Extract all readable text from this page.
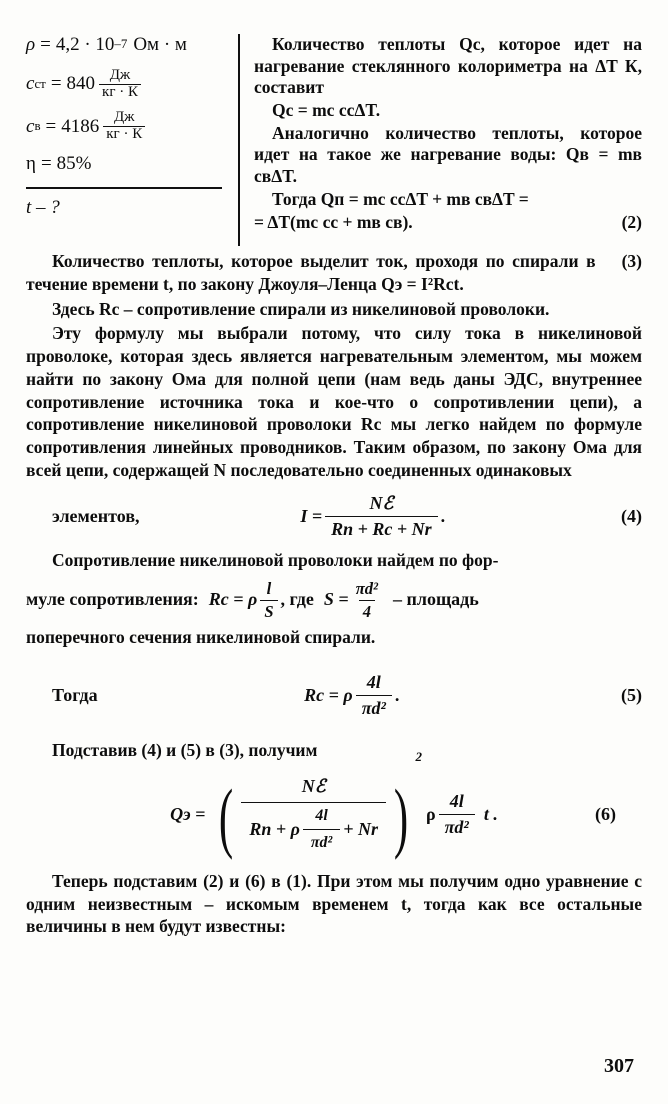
ρ = 4,2 · 10 –7 Ом · м
c ст = $840 \frac{Дж}{кг \cdot К}$
c $в = 4186 \frac{Дж}{кг \cdot К}$
η = 85%
t – ?

Количество теплоты Qс, которое идет на нагревание стеклянного колориметра на ΔT К, составит

Qс = mс cсΔT.

Аналогично количество теплоты, которое идет на такое же нагревание воды: Qв = mв cвΔT.

Тогда Qп = mс cсΔT + mв cвΔT =

= ΔT(mс cс + mв cв).	(2)

(3)
Количество теплоты, которое выделит ток, проходя по спирали в течение времени t, по закону Джоуля–Ленца Qэ = I²Rсt.

Здесь Rс – сопротивление спирали из никелиновой проволоки.

Эту формулу мы выбрали потому, что силу тока в никелиновой проволоке, которая здесь является нагревательным элементом, мы можем найти по закону Ома для полной цепи (нам ведь даны ЭДС, внутреннее сопротивление источника тока и кое-что о сопротивлении цепи), а сопротивление никелиновой проволоки Rс мы легко найдем по формуле сопротивления линейных проводников. Таким образом, по закону Ома для всей цепи, содержащей N последовательно соединенных одинаковых

элементов,	$I = \frac{\text{Nℰ}}{Rп + Rс + Nr}$ .	(4)

Сопротивление никелиновой проволоки найдем по фор-

муле сопротивления: Rс = ρ $\frac{l}{S}$ , где $S = \frac{\text{πd²}}{4}$ – площадь

поперечного сечения никелиновой спирали.

Тогда	Rс = ρ $\frac{4l}{\text{πd²}}$ .	(5)

Подставив (4) и (5) в (3), получим

Qэ = (	Nℰ
Rп + ρ $\frac{4l}{\text{πd²}} + Nr$ )
2
ρ $\frac{4l}{\text{πd²}}$ t .	(6)

Теперь подставим (2) и (6) в (1). При этом мы получим одно уравнение с одним неизвестным – искомым временем t, тогда как все остальные величины в нем будут известны:

307
